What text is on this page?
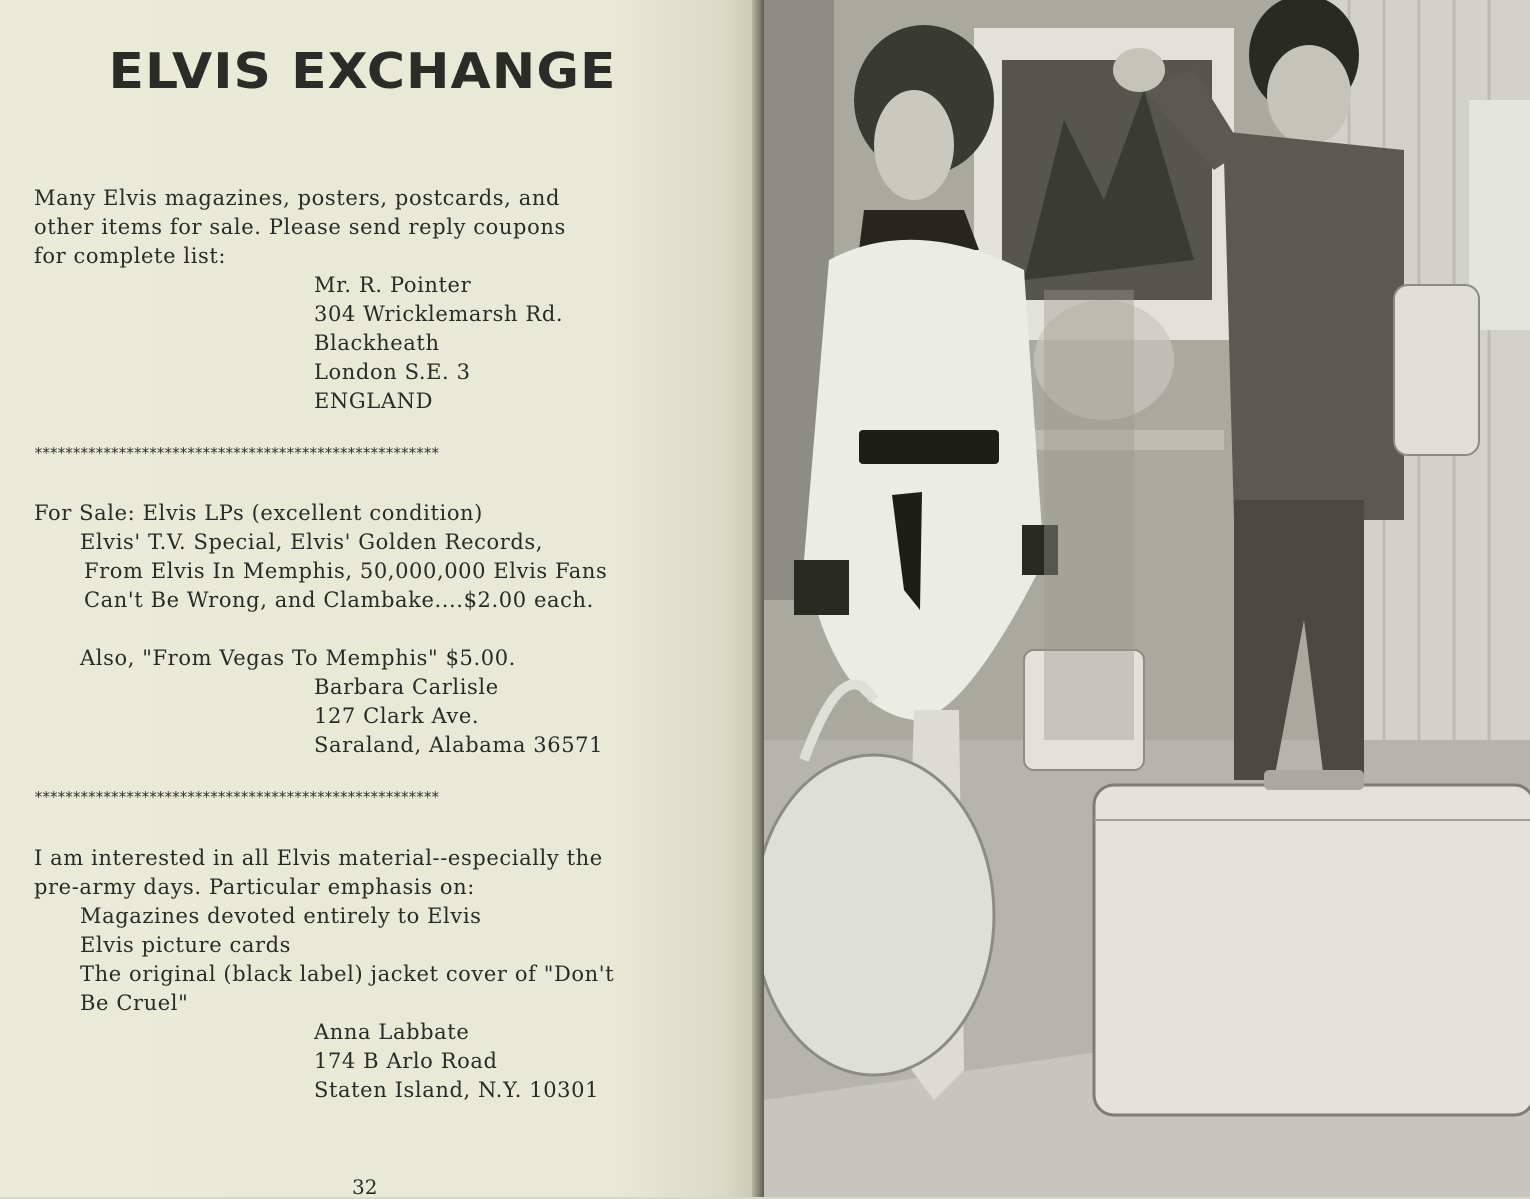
ELVIS EXCHANGE

Many Elvis magazines, posters, postcards, and

other items for sale. Please send reply coupons

for complete list:

Mr. R. Pointer

304 Wricklemarsh Rd.

Blackheath

London S.E. 3

ENGLAND

*****************************************************

For Sale: Elvis LPs (excellent condition)

Elvis' T.V. Special, Elvis' Golden Records,

From Elvis In Memphis, 50,000,000 Elvis Fans

Can't Be Wrong, and Clambake....$2.00 each.

Also, "From Vegas To Memphis" $5.00.

Barbara Carlisle

127 Clark Ave.

Saraland, Alabama 36571

*****************************************************

I am interested in all Elvis material--especially the

pre-army days. Particular emphasis on:

Magazines devoted entirely to Elvis

Elvis picture cards

The original (black label) jacket cover of "Don't

Be Cruel"

Anna Labbate

174 B Arlo Road

Staten Island, N.Y. 10301

32
